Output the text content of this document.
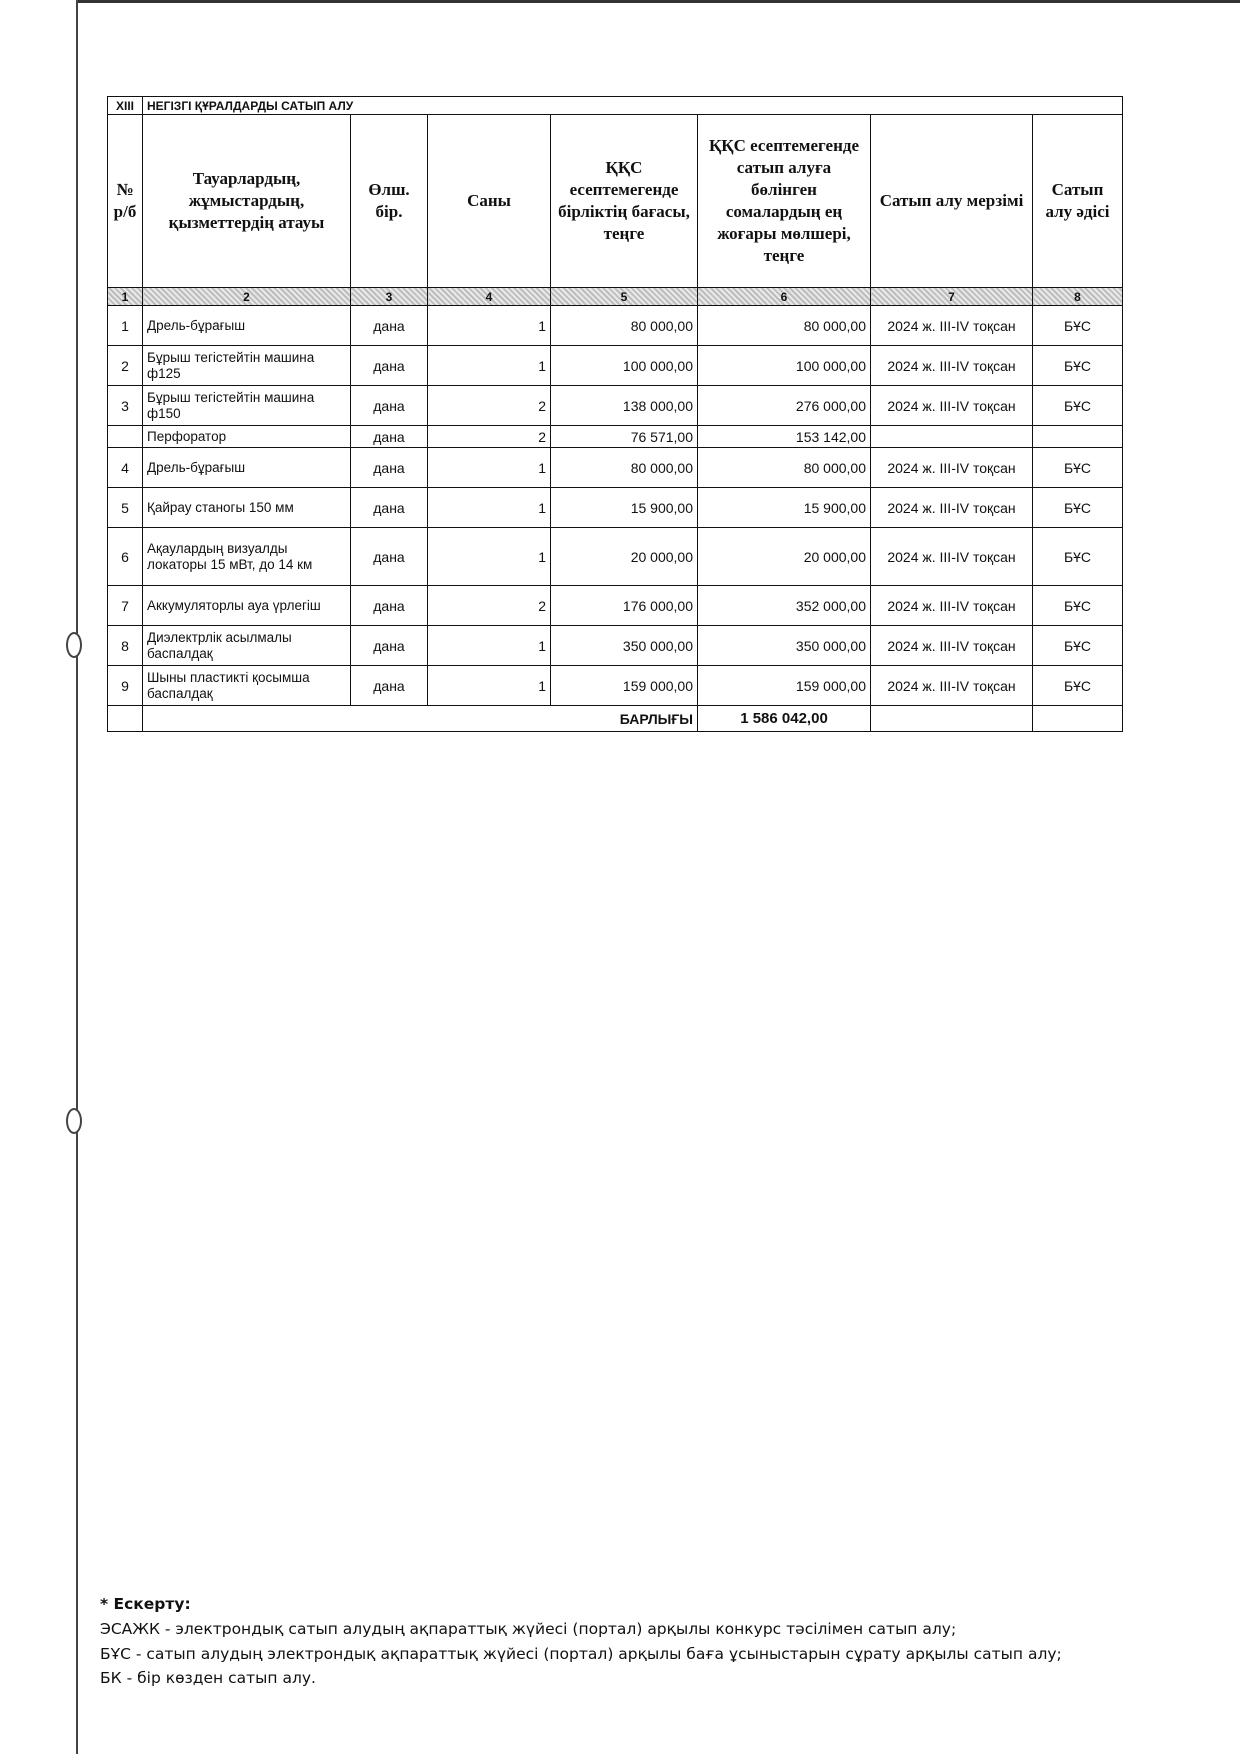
XIII	НЕГІЗГІ ҚҰРАЛДАРДЫ САТЫП АЛУ						
№ р/б	Тауарлардың, жұмыстардың, қызметтердің атауы	Өлш. бір.	Саны	ҚҚС есептемегенде бірліктің бағасы, теңге	ҚҚС есептемегенде сатып алуға бөлінген сомалардың ең жоғары мөлшері, теңге	Сатып алу мерзімі	Сатып алу әдісі
1	2	3	4	5	6	7	8
1	Дрель-бұрағыш	дана	1	80 000,00	80 000,00	2024 ж. III-IV тоқсан	БҰС
2	Бұрыш тегістейтін машина ф125	дана	1	100 000,00	100 000,00	2024 ж. III-IV тоқсан	БҰС
3	Бұрыш тегістейтін машина ф150	дана	2	138 000,00	276 000,00	2024 ж. III-IV тоқсан	БҰС
	Перфоратор	дана	2	76 571,00	153 142,00		
4	Дрель-бұрағыш	дана	1	80 000,00	80 000,00	2024 ж. III-IV тоқсан	БҰС
5	Қайрау станогы 150 мм	дана	1	15 900,00	15 900,00	2024 ж. III-IV тоқсан	БҰС
6	Ақаулардың визуалды локаторы 15 мВт, до 14 км	дана	1	20 000,00	20 000,00	2024 ж. III-IV тоқсан	БҰС
7	Аккумуляторлы ауа үрлегіш	дана	2	176 000,00	352 000,00	2024 ж. III-IV тоқсан	БҰС
8	Диэлектрлік асылмалы баспалдақ	дана	1	350 000,00	350 000,00	2024 ж. III-IV тоқсан	БҰС
9	Шыны пластикті қосымша баспалдақ	дана	1	159 000,00	159 000,00	2024 ж. III-IV тоқсан	БҰС
	БАРЛЫҒЫ				1 586 042,00		
* Ескерту:
ЭСАЖК - электрондық сатып алудың ақпараттық жүйесі (портал) арқылы конкурс тәсілімен сатып алу;
БҰС - сатып алудың электрондық ақпараттық жүйесі (портал) арқылы баға ұсыныстарын сұрату арқылы сатып алу;
БК - бір көзден сатып алу.
